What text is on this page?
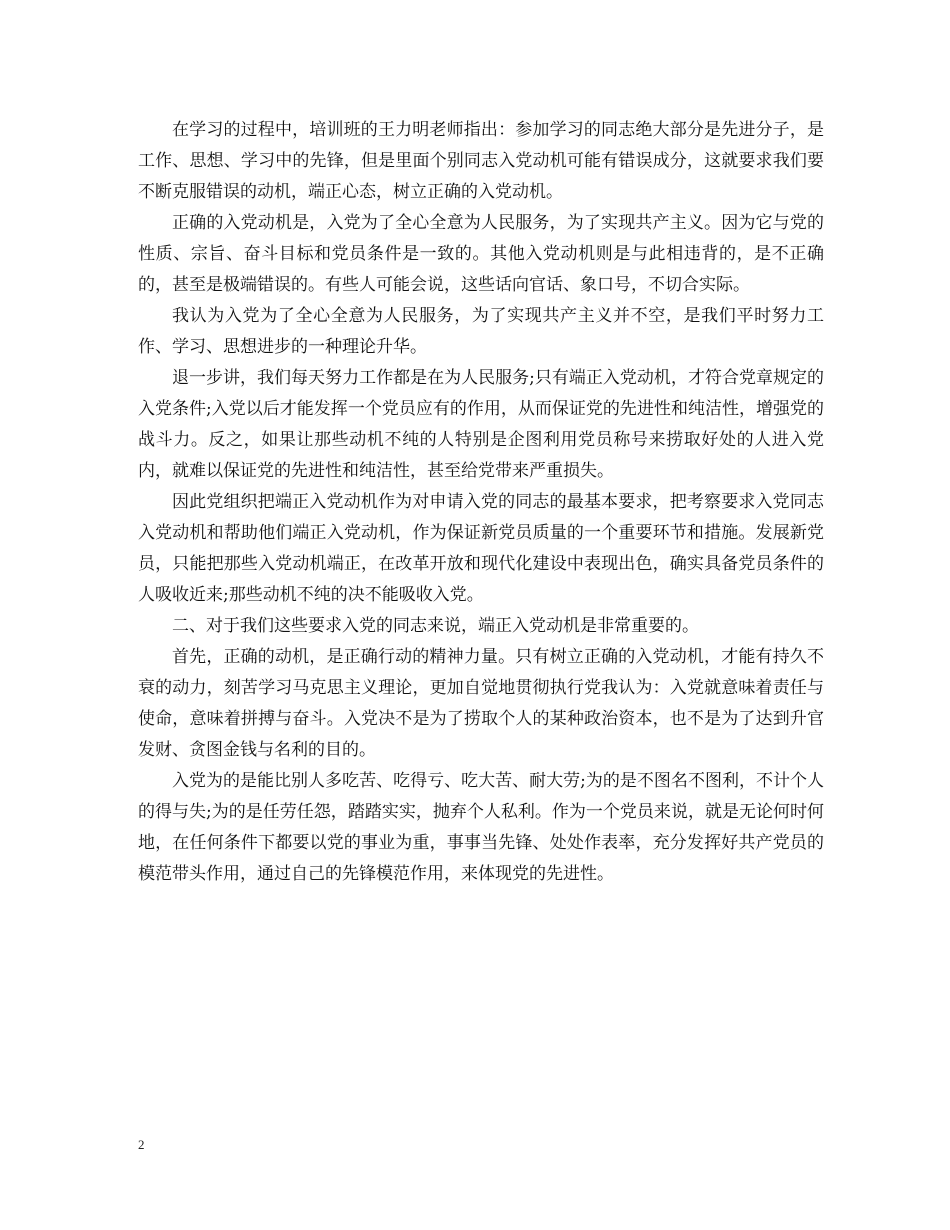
在学习的过程中，培训班的王力明老师指出：参加学习的同志绝大部分是先进分子，是工作、思想、学习中的先锋，但是里面个别同志入党动机可能有错误成分，这就要求我们要不断克服错误的动机，端正心态，树立正确的入党动机。

正确的入党动机是，入党为了全心全意为人民服务，为了实现共产主义。因为它与党的性质、宗旨、奋斗目标和党员条件是一致的。其他入党动机则是与此相违背的，是不正确的，甚至是极端错误的。有些人可能会说，这些话向官话、象口号，不切合实际。

我认为入党为了全心全意为人民服务，为了实现共产主义并不空，是我们平时努力工作、学习、思想进步的一种理论升华。

退一步讲，我们每天努力工作都是在为人民服务;只有端正入党动机，才符合党章规定的入党条件;入党以后才能发挥一个党员应有的作用，从而保证党的先进性和纯洁性，增强党的战斗力。反之，如果让那些动机不纯的人特别是企图利用党员称号来捞取好处的人进入党内，就难以保证党的先进性和纯洁性，甚至给党带来严重损失。

因此党组织把端正入党动机作为对申请入党的同志的最基本要求，把考察要求入党同志入党动机和帮助他们端正入党动机，作为保证新党员质量的一个重要环节和措施。发展新党员，只能把那些入党动机端正，在改革开放和现代化建设中表现出色，确实具备党员条件的人吸收近来;那些动机不纯的决不能吸收入党。

二、对于我们这些要求入党的同志来说，端正入党动机是非常重要的。

首先，正确的动机，是正确行动的精神力量。只有树立正确的入党动机，才能有持久不衰的动力，刻苦学习马克思主义理论，更加自觉地贯彻执行党我认为：入党就意味着责任与使命，意味着拼搏与奋斗。入党决不是为了捞取个人的某种政治资本，也不是为了达到升官发财、贪图金钱与名利的目的。

入党为的是能比别人多吃苦、吃得亏、吃大苦、耐大劳;为的是不图名不图利，不计个人的得与失;为的是任劳任怨，踏踏实实，抛弃个人私利。作为一个党员来说，就是无论何时何地，在任何条件下都要以党的事业为重，事事当先锋、处处作表率，充分发挥好共产党员的模范带头作用，通过自己的先锋模范作用，来体现党的先进性。

2
